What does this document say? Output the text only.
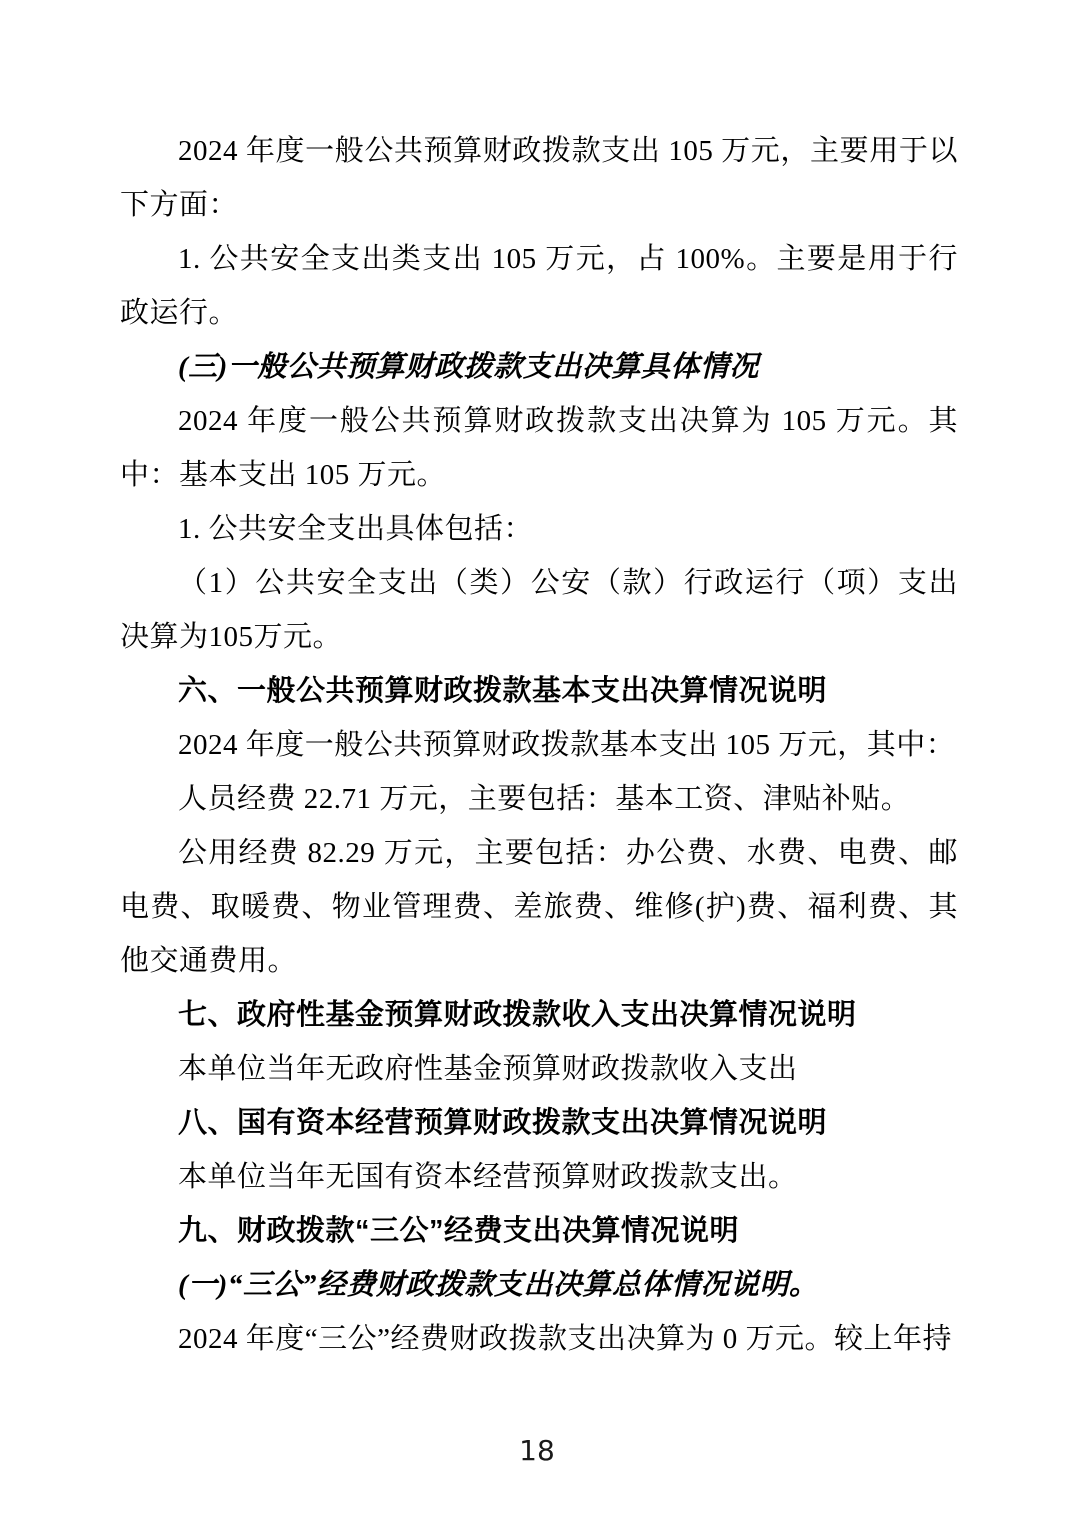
2024 年度一般公共预算财政拨款支出 105 万元，主要用于以下方面：

1. 公共安全支出类支出 105 万元，占 100%。主要是用于行政运行。

(三)一般公共预算财政拨款支出决算具体情况

2024 年度一般公共预算财政拨款支出决算为 105 万元。其中：基本支出 105 万元。

1. 公共安全支出具体包括：

（1）公共安全支出（类）公安（款）行政运行（项）支出决算为105万元。

六、一般公共预算财政拨款基本支出决算情况说明

2024 年度一般公共预算财政拨款基本支出 105 万元，其中：

人员经费 22.71 万元，主要包括：基本工资、津贴补贴。

公用经费 82.29 万元，主要包括：办公费、水费、电费、邮电费、取暖费、物业管理费、差旅费、维修(护)费、福利费、其他交通费用。

七、政府性基金预算财政拨款收入支出决算情况说明

本单位当年无政府性基金预算财政拨款收入支出

八、国有资本经营预算财政拨款支出决算情况说明

本单位当年无国有资本经营预算财政拨款支出。

九、财政拨款“三公”经费支出决算情况说明

(一)“三公”经费财政拨款支出决算总体情况说明。

2024 年度“三公”经费财政拨款支出决算为 0 万元。较上年持

18
